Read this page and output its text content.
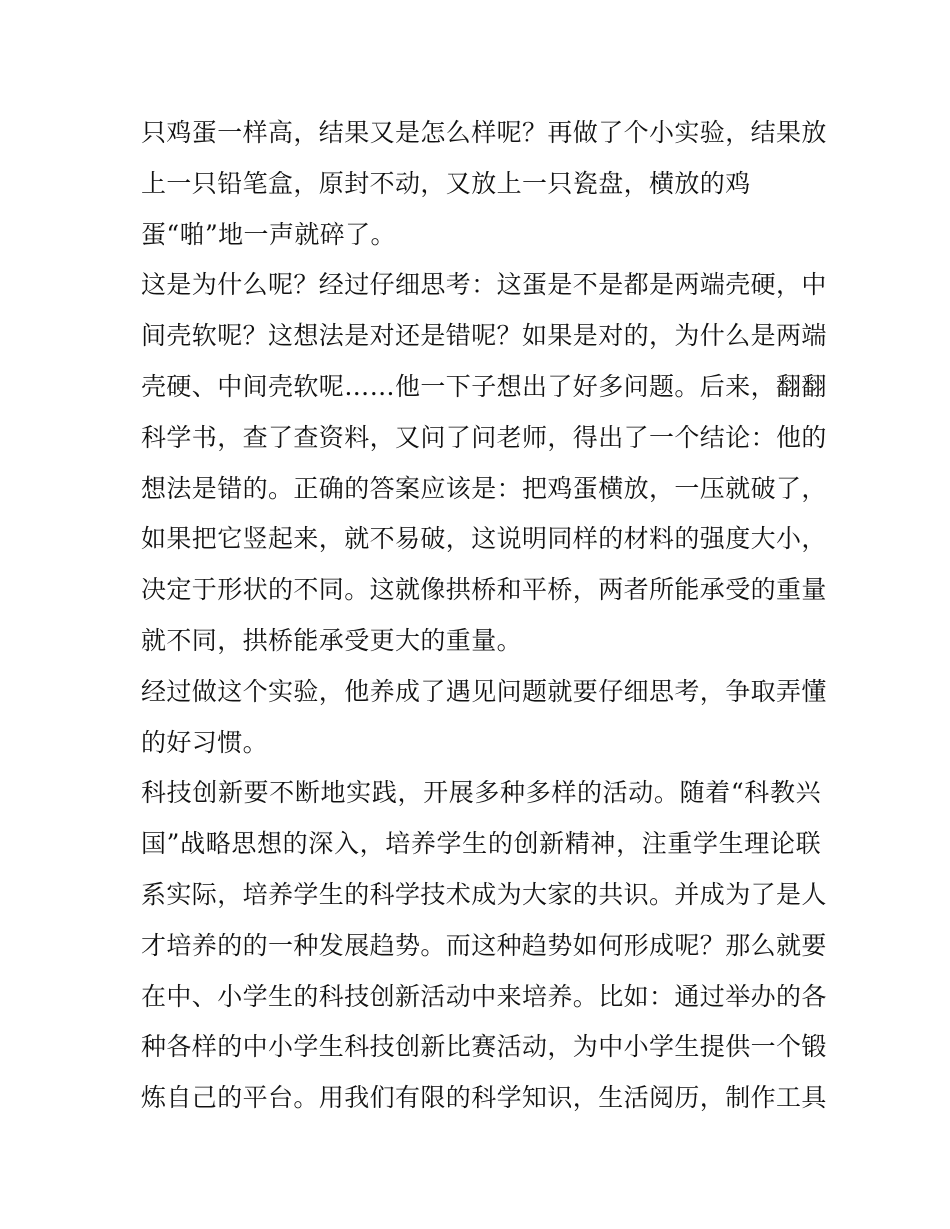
只鸡蛋一样高，结果又是怎么样呢？再做了个小实验，结果放
上一只铅笔盒，原封不动，又放上一只瓷盘，横放的鸡
蛋“啪”地一声就碎了。
这是为什么呢？经过仔细思考：这蛋是不是都是两端壳硬，中
间壳软呢？这想法是对还是错呢？如果是对的，为什么是两端
壳硬、中间壳软呢……他一下子想出了好多问题。后来，翻翻
科学书，查了查资料，又问了问老师，得出了一个结论：他的
想法是错的。正确的答案应该是：把鸡蛋横放，一压就破了，
如果把它竖起来，就不易破，这说明同样的材料的强度大小，
决定于形状的不同。这就像拱桥和平桥，两者所能承受的重量
就不同，拱桥能承受更大的重量。
经过做这个实验，他养成了遇见问题就要仔细思考，争取弄懂
的好习惯。
科技创新要不断地实践，开展多种多样的活动。随着“科教兴
国”战略思想的深入，培养学生的创新精神，注重学生理论联
系实际，培养学生的科学技术成为大家的共识。并成为了是人
才培养的的一种发展趋势。而这种趋势如何形成呢？那么就要
在中、小学生的科技创新活动中来培养。比如：通过举办的各
种各样的中小学生科技创新比赛活动，为中小学生提供一个锻
炼自己的平台。用我们有限的科学知识，生活阅历，制作工具
